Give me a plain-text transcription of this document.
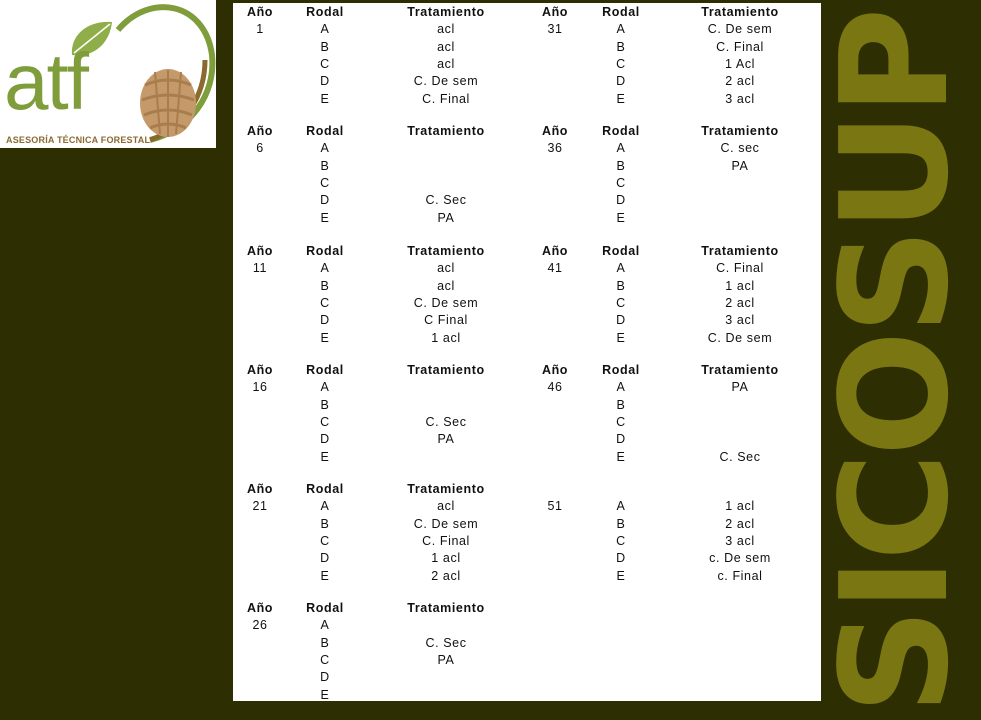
atf
ASESORÍA TÉCNICA FORESTAL
Año	Rodal	Tratamiento
1	A	acl
B	acl
C	acl
D	C. De sem
E	C. Final
Año	Rodal	Tratamiento
6	A
B
C
D	C. Sec
E	PA
Año	Rodal	Tratamiento
11	A	acl
B	acl
C	C. De sem
D	C Final
E	1 acl
Año	Rodal	Tratamiento
16	A
B
C	C. Sec
D	PA
E
Año	Rodal	Tratamiento
21	A	acl
B	C. De sem
C	C. Final
D	1 acl
E	2 acl
Año	Rodal	Tratamiento
26	A
B	C. Sec
C	PA
D
E
Año	Rodal	Tratamiento
31	A	C. De sem
B	C. Final
C	1 Acl
D	2 acl
E	3 acl
Año	Rodal	Tratamiento
36	A	C. sec
B	PA
C
D
E
Año	Rodal	Tratamiento
41	A	C. Final
B	1 acl
C	2 acl
D	3 acl
E	C. De sem
Año	Rodal	Tratamiento
46	A	PA
B
C
D
E	C. Sec
51	A	1 acl
B	2 acl
C	3 acl
D	c. De sem
E	c. Final SICOSUP
